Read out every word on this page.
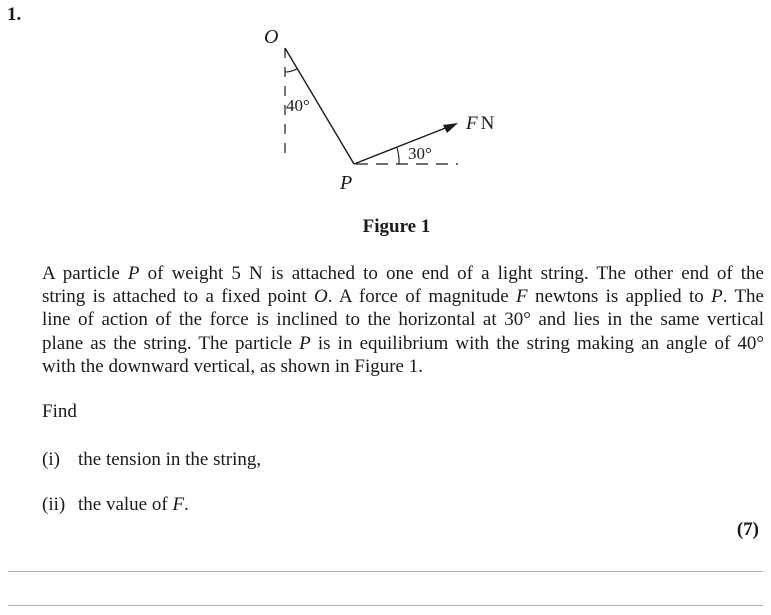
1.
O
P
40°
30°
F N
Figure 1
A particle P of weight 5 N is attached to one end of a light string. The other end of the
string is attached to a fixed point O. A force of magnitude F newtons is applied to P. The
line of action of the force is inclined to the horizontal at 30° and lies in the same vertical
plane as the string. The particle P is in equilibrium with the string making an angle of 40°
with the downward vertical, as shown in Figure 1.
Find
(i) the tension in the string,
(ii) the value of F.
(7)
